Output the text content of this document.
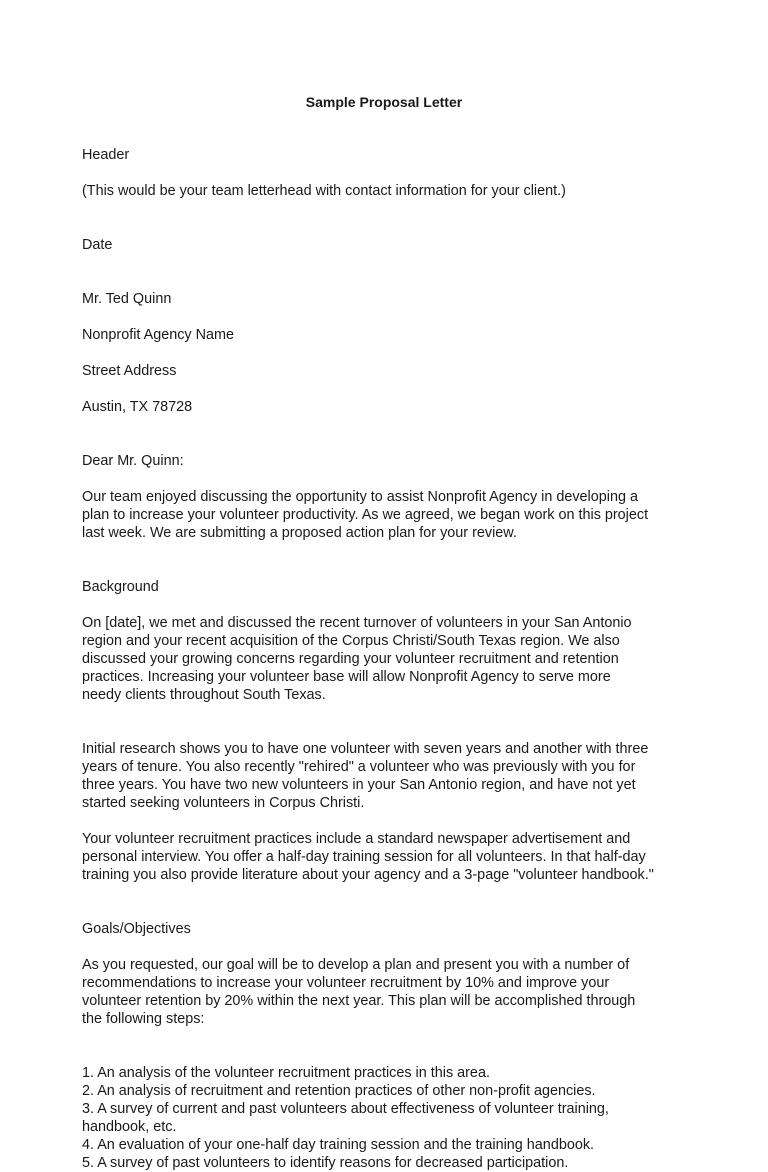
Sample Proposal Letter

Header

(This would be your team letterhead with contact information for your client.)

Date

Mr. Ted Quinn

Nonprofit Agency Name

Street Address

Austin, TX 78728

Dear Mr. Quinn:
Our team enjoyed discussing the opportunity to assist Nonprofit Agency in developing a
plan to increase your volunteer productivity. As we agreed, we began work on this project
last week. We are submitting a proposed action plan for your review.

Background

On [date], we met and discussed the recent turnover of volunteers in your San Antonio
region and your recent acquisition of the Corpus Christi/South Texas region. We also
discussed your growing concerns regarding your volunteer recruitment and retention
practices. Increasing your volunteer base will allow Nonprofit Agency to serve more
needy clients throughout South Texas.

Initial research shows you to have one volunteer with seven years and another with three
years of tenure. You also recently "rehired" a volunteer who was previously with you for
three years. You have two new volunteers in your San Antonio region, and have not yet
started seeking volunteers in Corpus Christi.
Your volunteer recruitment practices include a standard newspaper advertisement and
personal interview. You offer a half-day training session for all volunteers. In that half-day
training you also provide literature about your agency and a 3-page "volunteer handbook."

Goals/Objectives

As you requested, our goal will be to develop a plan and present you with a number of
recommendations to increase your volunteer recruitment by 10% and improve your
volunteer retention by 20% within the next year. This plan will be accomplished through
the following steps:

1. An analysis of the volunteer recruitment practices in this area.
2. An analysis of recruitment and retention practices of other non-profit agencies.
3. A survey of current and past volunteers about effectiveness of volunteer training,
handbook, etc.
4. An evaluation of your one-half day training session and the training handbook.
5. A survey of past volunteers to identify reasons for decreased participation.
